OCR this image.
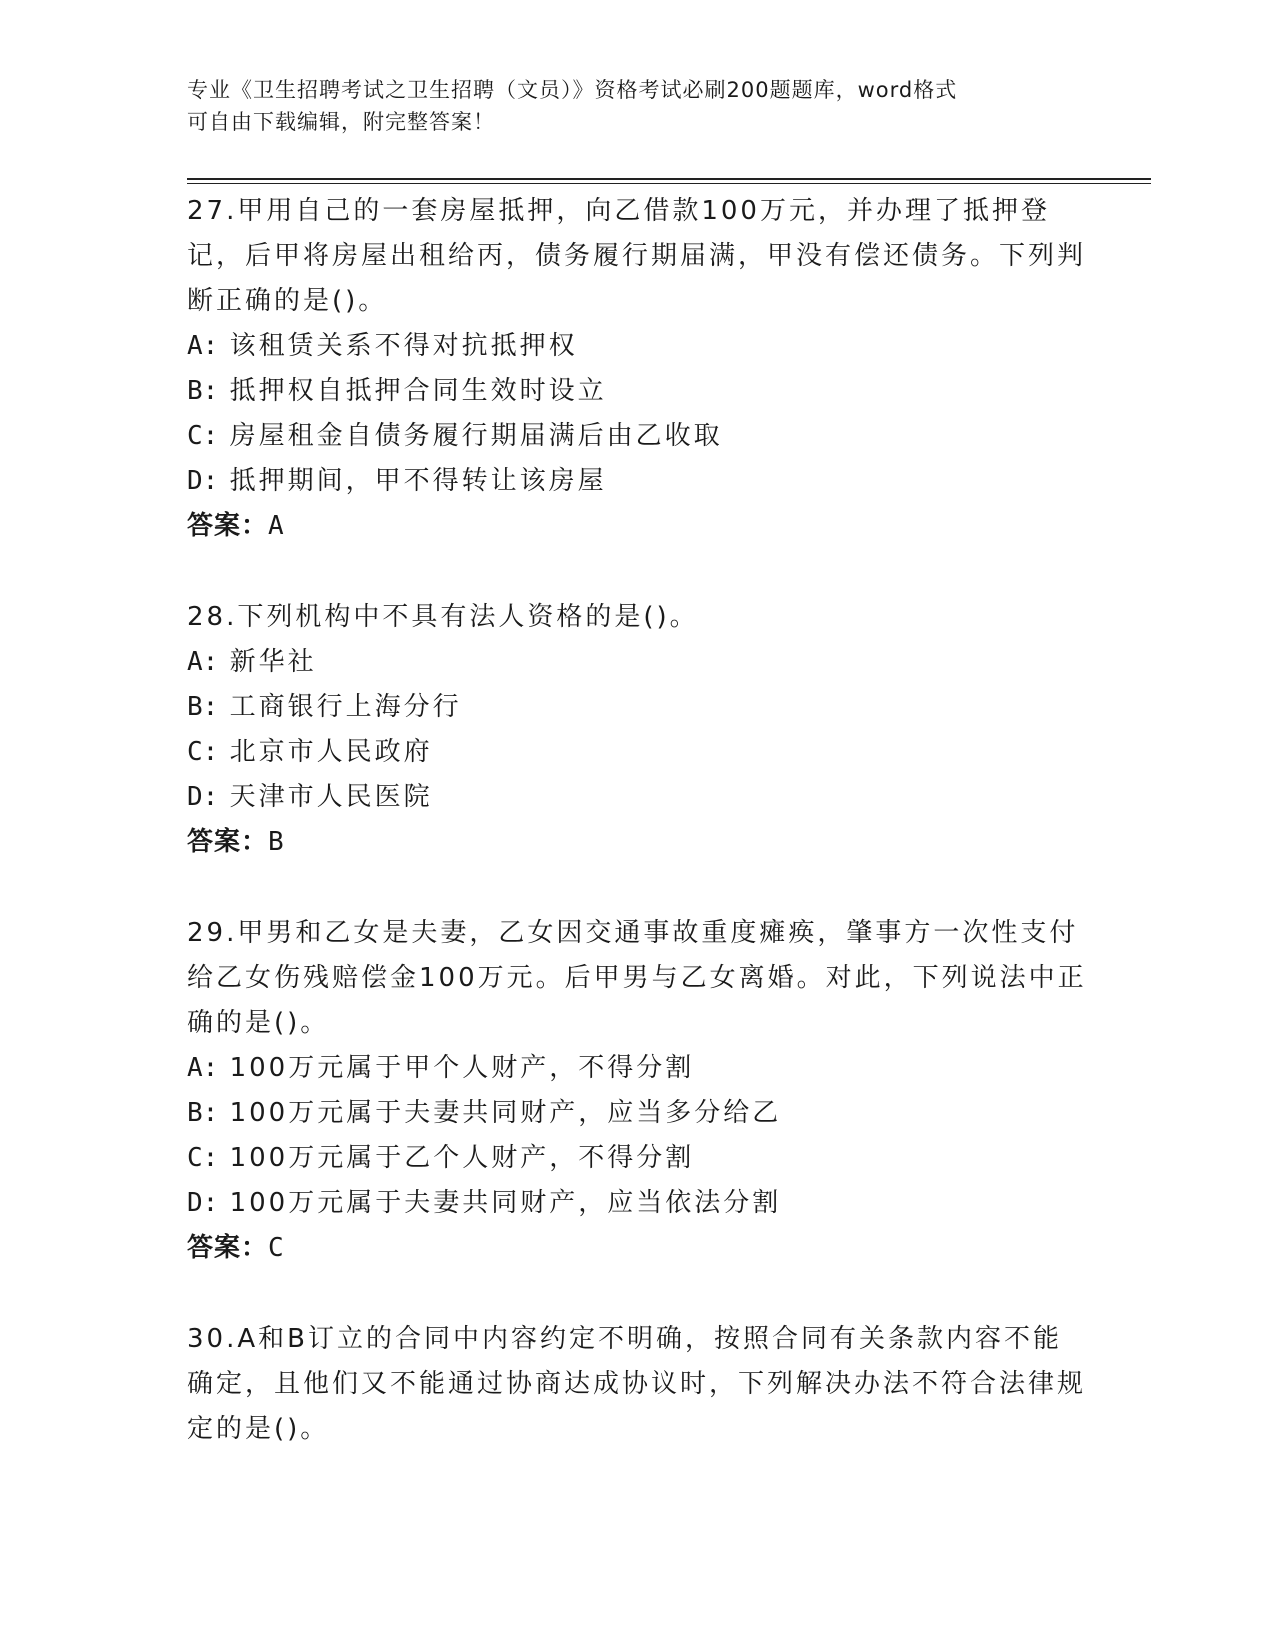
专业《卫生招聘考试之卫生招聘（文员）》资格考试必刷200题题库，word格式
可自由下载编辑，附完整答案！
27.甲用自己的一套房屋抵押，向乙借款100万元，并办理了抵押登记，后甲将房屋出租给丙，债务履行期届满，甲没有偿还债务。下列判断正确的是()。
A: 该租赁关系不得对抗抵押权
B: 抵押权自抵押合同生效时设立
C: 房屋租金自债务履行期届满后由乙收取
D: 抵押期间，甲不得转让该房屋
答案：A
28.下列机构中不具有法人资格的是()。
A: 新华社
B: 工商银行上海分行
C: 北京市人民政府
D: 天津市人民医院
答案：B
29.甲男和乙女是夫妻，乙女因交通事故重度瘫痪，肇事方一次性支付给乙女伤残赔偿金100万元。后甲男与乙女离婚。对此，下列说法中正确的是()。
A: 100万元属于甲个人财产，不得分割
B: 100万元属于夫妻共同财产，应当多分给乙
C: 100万元属于乙个人财产，不得分割
D: 100万元属于夫妻共同财产，应当依法分割
答案：C
30.A和B订立的合同中内容约定不明确，按照合同有关条款内容不能确定，且他们又不能通过协商达成协议时，下列解决办法不符合法律规定的是()。
